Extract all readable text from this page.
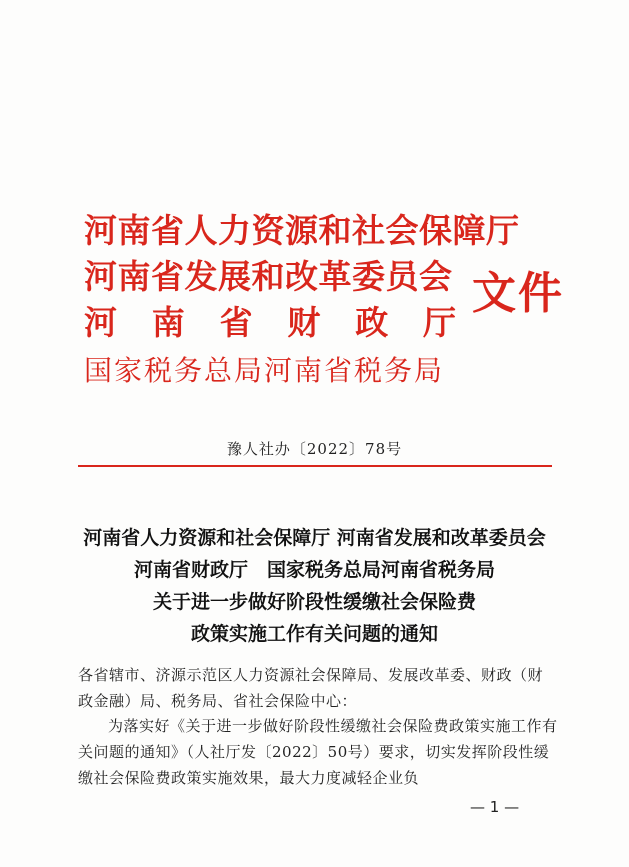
河南省人力资源和社会保障厅
河南省发展和改革委员会
河 南 省 财 政 厅
国家税务总局河南省税务局
文件
豫人社办〔2022〕78号
河南省人力资源和社会保障厅 河南省发展和改革委员会
河南省财政厅　国家税务总局河南省税务局
关于进一步做好阶段性缓缴社会保险费
政策实施工作有关问题的通知
各省辖市、济源示范区人力资源社会保障局、发展改革委、财政（财政金融）局、税务局、省社会保险中心：
为落实好《关于进一步做好阶段性缓缴社会保险费政策实施工作有关问题的通知》（人社厅发〔2022〕50号）要求，切实发挥阶段性缓缴社会保险费政策实施效果，最大力度减轻企业负
— 1 —
